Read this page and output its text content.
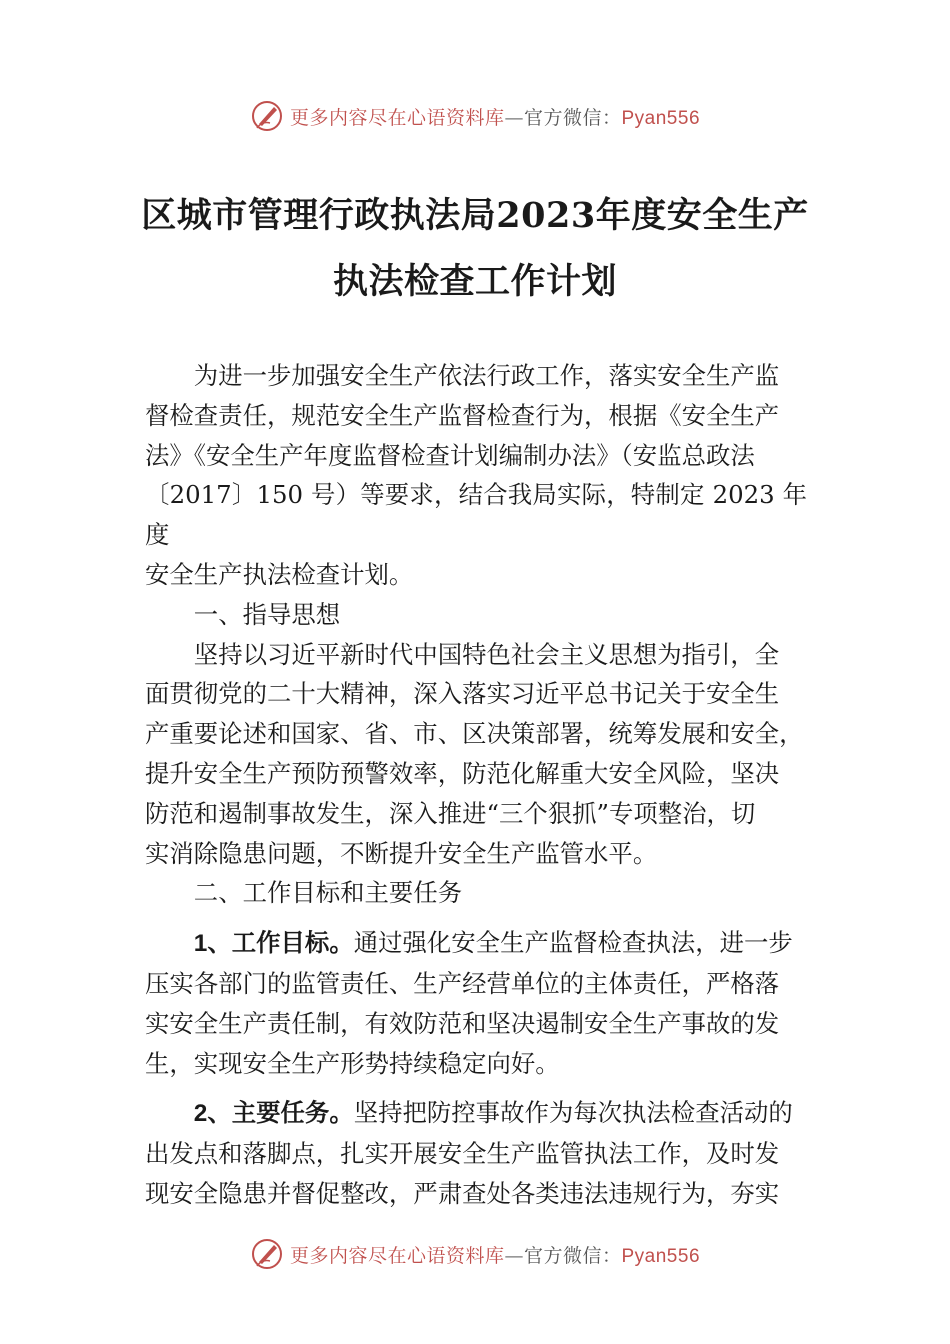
更多内容尽在心语资料库—官方微信：Pyan556
区城市管理行政执法局2023年度安全生产
执法检查工作计划

为进一步加强安全生产依法行政工作，落实安全生产监

督检查责任，规范安全生产监督检查行为，根据《安全生产

法》《安全生产年度监督检查计划编制办法》（安监总政法

〔2017〕150 号）等要求，结合我局实际，特制定 2023 年度

安全生产执法检查计划。

一、指导思想

坚持以习近平新时代中国特色社会主义思想为指引，全

面贯彻党的二十大精神，深入落实习近平总书记关于安全生

产重要论述和国家、省、市、区决策部署，统筹发展和安全，

提升安全生产预防预警效率，防范化解重大安全风险，坚决

防范和遏制事故发生，深入推进“三个狠抓”专项整治，切

实消除隐患问题，不断提升安全生产监管水平。

二、工作目标和主要任务

1、工作目标。通过强化安全生产监督检查执法，进一步

压实各部门的监管责任、生产经营单位的主体责任，严格落

实安全生产责任制，有效防范和坚决遏制安全生产事故的发

生，实现安全生产形势持续稳定向好。

2、主要任务。坚持把防控事故作为每次执法检查活动的

出发点和落脚点，扎实开展安全生产监管执法工作，及时发

现安全隐患并督促整改，严肃查处各类违法违规行为，夯实

更多内容尽在心语资料库—官方微信：Pyan556
